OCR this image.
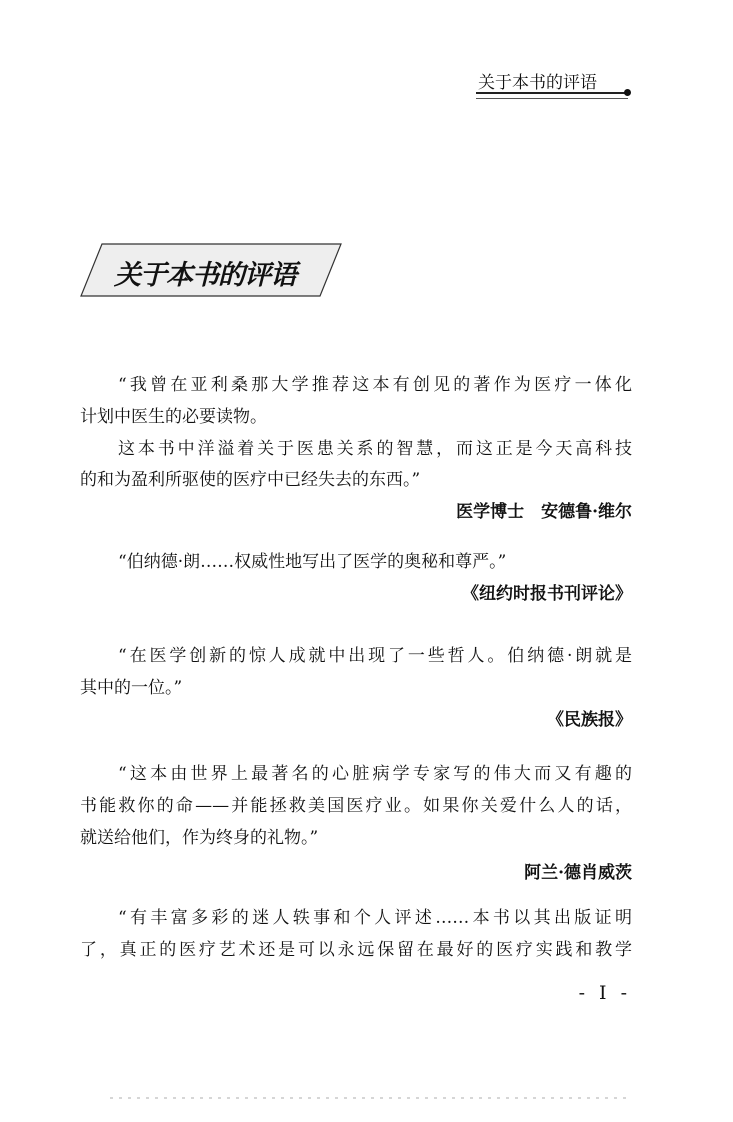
关于本书的评语
关于本书的评语
“我曾在亚利桑那大学推荐这本有创见的著作为医疗一体化
计划中医生的必要读物。
这本书中洋溢着关于医患关系的智慧，而这正是今天高科技
的和为盈利所驱使的医疗中已经失去的东西。”
医学博士　安德鲁·维尔
“伯纳德·朗……权威性地写出了医学的奥秘和尊严。”
《纽约时报书刊评论》
“在医学创新的惊人成就中出现了一些哲人。伯纳德·朗就是
其中的一位。”
《民族报》
“这本由世界上最著名的心脏病学专家写的伟大而又有趣的
书能救你的命——并能拯救美国医疗业。如果你关爱什么人的话，
就送给他们，作为终身的礼物。”
阿兰·德肖威茨
“有丰富多彩的迷人轶事和个人评述……本书以其出版证明
了，真正的医疗艺术还是可以永远保留在最好的医疗实践和教学
- I -
